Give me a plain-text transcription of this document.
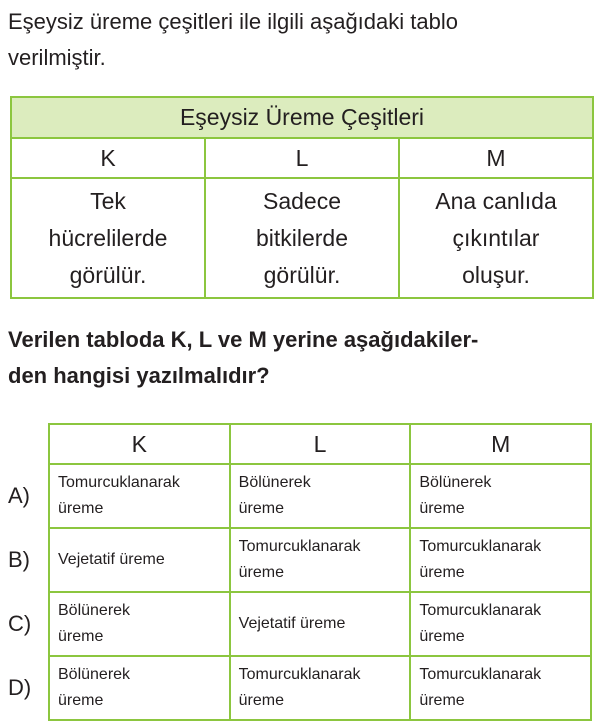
Eşeysiz üreme çeşitleri ile ilgili aşağıdaki tablo
verilmiştir.

Eşeysiz Üreme Çeşitleri		
K	L	M

Tek
hücrelilerde
görülür.	Sadece
bitkilerde
görülür.	Ana canlıda
çıkıntılar
oluşur.

Verilen tabloda K, L ve M yerine aşağıdakiler-
den hangisi yazılmalıdır?

	K	L	M
A)	Tomurcuklanarak
üreme	Bölünerek
üreme	Bölünerek
üreme

B)	Vejetatif üreme	Tomurcuklanarak
üreme	Tomurcuklanarak
üreme

C)	Bölünerek
üreme	Vejetatif üreme	Tomurcuklanarak
üreme

D)	Bölünerek
üreme	Tomurcuklanarak
üreme	Tomurcuklanarak
üreme
